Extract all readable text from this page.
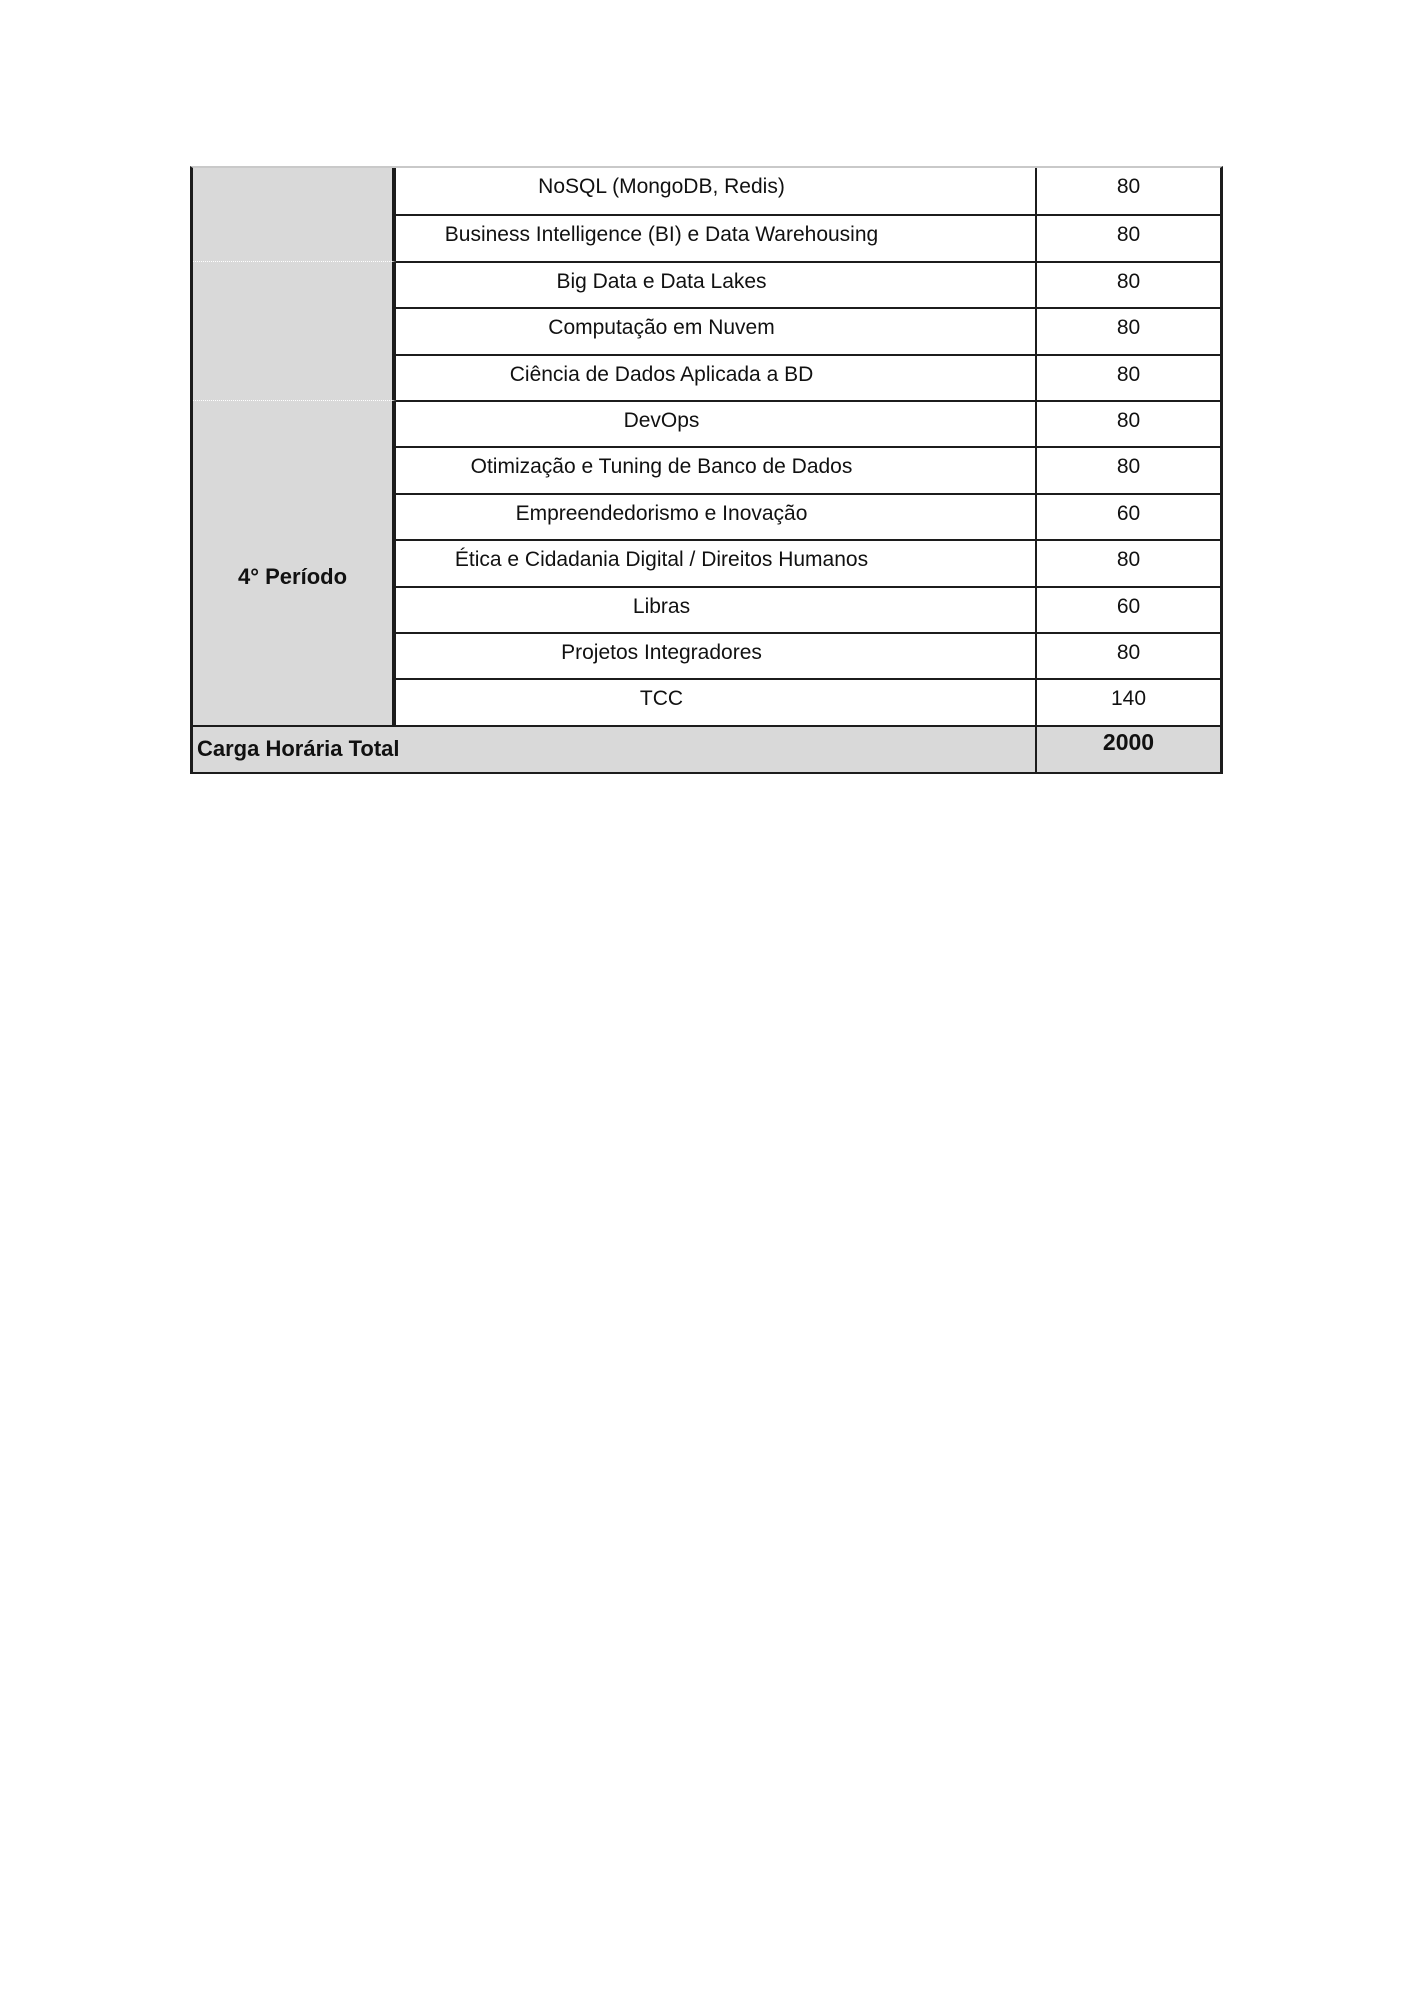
NoSQL (MongoDB, Redis)	80
Business Intelligence (BI) e Data Warehousing	80
Big Data e Data Lakes	80
Computação em Nuvem	80
Ciência de Dados Aplicada a BD	80
4° Período
DevOps	80
Otimização e Tuning de Banco de Dados	80
Empreendedorismo e Inovação	60
Ética e Cidadania Digital / Direitos Humanos	80
Libras	60
Projetos Integradores	80
TCC	140
Carga Horária Total	2000
